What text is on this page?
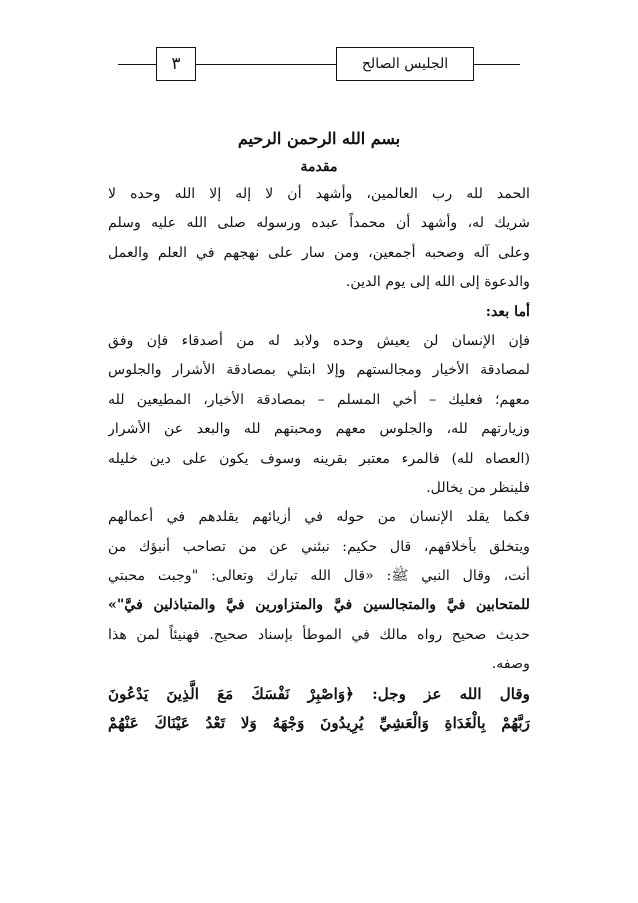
٣	الجليس الصالح
بسم الله الرحمن الرحيم
مقدمة
الحمد لله رب العالمين، وأشهد أن لا إله إلا الله وحده لا
شريك له، وأشهد أن محمداً عبده ورسوله صلى الله عليه وسلم
وعلى آله وصحبه أجمعين، ومن سار على نهجهم في العلم والعمل
والدعوة إلى الله إلى يوم الدين.
أما بعد:
فإن الإنسان لن يعيش وحده ولابد له من أصدقاء فإن وفق
لمصادقة الأخيار ومجالستهم وإلا ابتلي بمصادقة الأشرار والجلوس
معهم؛ فعليك – أخي المسلم – بمصادقة الأخيار، المطيعين لله
وزيارتهم لله، والجلوس معهم ومحبتهم لله والبعد عن الأشرار
(العصاه لله) فالمرء معتبر بقرينه وسوف يكون على دين خليله
فلينظر من يخالل.
فكما يقلد الإنسان من حوله في أزيائهم يقلدهم في أعمالهم
ويتخلق بأخلاقهم، قال حكيم: نبئني عن من تصاحب أنبؤك من
أنت، وقال النبي ﷺ: «قال الله تبارك وتعالى: "وجبت محبتي
للمتحابين فيَّ والمتجالسين فيَّ والمتزاورين فيَّ والمتباذلين فيَّ"»
حديث صحيح رواه مالك في الموطأ بإسناد صحيح. فهنيئاً لمن هذا
وصفه.
وقال الله عز وجل: ﴿وَاصْبِرْ نَفْسَكَ مَعَ الَّذِينَ يَدْعُونَ
رَبَّهُمْ بِالْغَدَاةِ وَالْعَشِيِّ يُرِيدُونَ وَجْهَهُ وَلا تَعْدُ عَيْنَاكَ عَنْهُمْ
